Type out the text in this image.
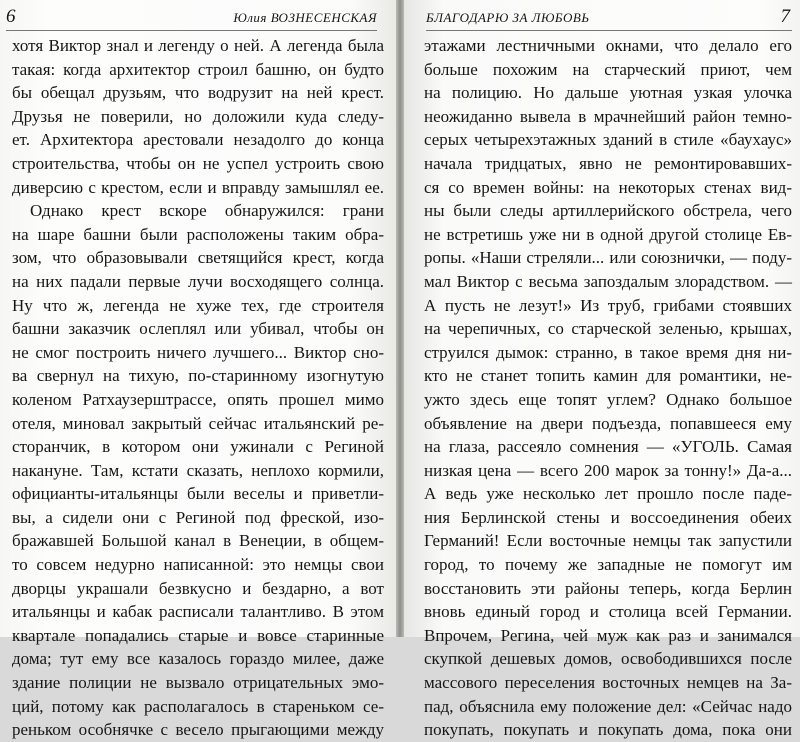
6	Юлия ВОЗНЕСЕНСКАЯ
хотя Виктор знал и легенду о ней. А легенда была
такая: когда архитектор строил башню, он будто
бы обещал друзьям, что водрузит на ней крест.
Друзья не поверили, но доложили куда следу-
ет. Архитектора арестовали незадолго до конца
строительства, чтобы он не успел устроить свою
диверсию с крестом, если и вправду замышлял ее.
Однако крест вскоре обнаружился: грани
на шаре башни были расположены таким обра-
зом, что образовывали светящийся крест, когда
на них падали первые лучи восходящего солнца.
Ну что ж, легенда не хуже тех, где строителя
башни заказчик ослеплял или убивал, чтобы он
не смог построить ничего лучшего... Виктор сно-
ва свернул на тихую, по-старинному изогнутую
коленом Ратхаузерштрассе, опять прошел мимо
отеля, миновал закрытый сейчас итальянский ре-
сторанчик, в котором они ужинали с Региной
накануне. Там, кстати сказать, неплохо кормили,
официанты-итальянцы были веселы и приветли-
вы, а сидели они с Региной под фреской, изо-
бражавшей Большой канал в Венеции, в общем-
то совсем недурно написанной: это немцы свои
дворцы украшали безвкусно и бездарно, а вот
итальянцы и кабак расписали талантливо. В этом
квартале попадались старые и вовсе старинные
дома; тут ему все казалось гораздо милее, даже
здание полиции не вызвало отрицательных эмо-
ций, потому как располагалось в стареньком се-
реньком особнячке с весело прыгающими между
БЛАГОДАРЮ ЗА ЛЮБОВЬ	7
этажами лестничными окнами, что делало его
больше похожим на старческий приют, чем
на полицию. Но дальше уютная узкая улочка
неожиданно вывела в мрачнейший район темно-
серых четырехэтажных зданий в стиле «баухаус»
начала тридцатых, явно не ремонтировавших-
ся со времен войны: на некоторых стенах вид-
ны были следы артиллерийского обстрела, чего
не встретишь уже ни в одной другой столице Ев-
ропы. «Наши стреляли... или союзнички, — поду-
мал Виктор с весьма запоздалым злорадством. —
А пусть не лезут!» Из труб, грибами стоявших
на черепичных, со старческой зеленью, крышах,
струился дымок: странно, в такое время дня ни-
кто не станет топить камин для романтики, не-
ужто здесь еще топят углем? Однако большое
объявление на двери подъезда, попавшееся ему
на глаза, рассеяло сомнения — «УГОЛЬ. Самая
низкая цена — всего 200 марок за тонну!» Да-а...
А ведь уже несколько лет прошло после паде-
ния Берлинской стены и воссоединения обеих
Германий! Если восточные немцы так запустили
город, то почему же западные не помогут им
восстановить эти районы теперь, когда Берлин
вновь единый город и столица всей Германии.
Впрочем, Регина, чей муж как раз и занимался
скупкой дешевых домов, освободившихся после
массового переселения восточных немцев на За-
пад, объяснила ему положение дел: «Сейчас надо
покупать, покупать и покупать дома, пока они
